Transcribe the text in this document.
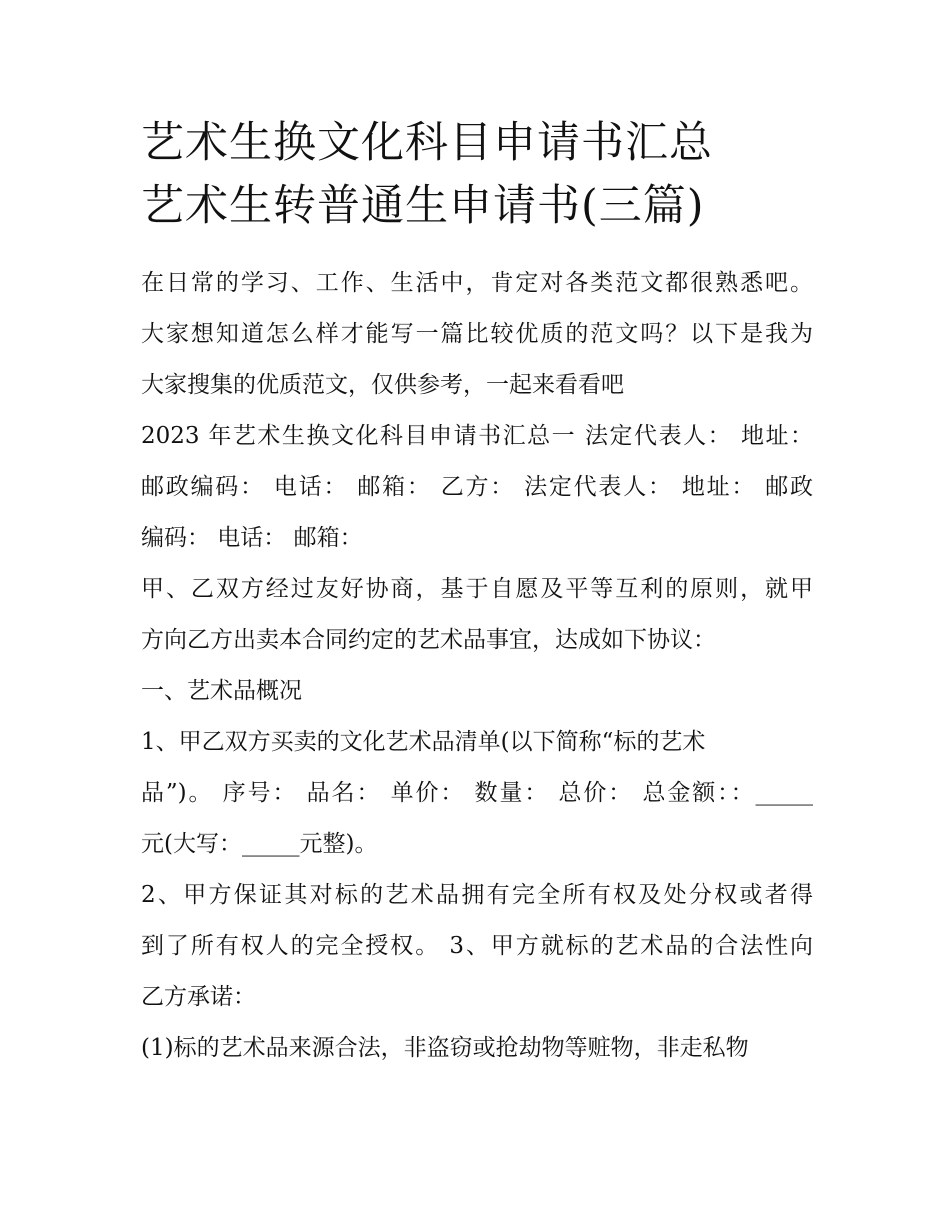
艺术生换文化科目申请书汇总
艺术生转普通生申请书(三篇)

在日常的学习、工作、生活中，肯定对各类范文都很熟悉吧。
大家想知道怎么样才能写一篇比较优质的范文吗？以下是我为
大家搜集的优质范文，仅供参考，一起来看看吧

2023 年艺术生换文化科目申请书汇总一 法定代表人： 地址：
邮政编码： 电话： 邮箱： 乙方： 法定代表人： 地址： 邮政
编码： 电话： 邮箱：

甲、乙双方经过友好协商，基于自愿及平等互利的原则，就甲
方向乙方出卖本合同约定的艺术品事宜，达成如下协议：

一、艺术品概况

1、甲乙双方买卖的文化艺术品清单(以下简称“标的艺术
品”)。 序号： 品名： 单价： 数量： 总价： 总金额：：_____
元(大写：_____元整)。

2、甲方保证其对标的艺术品拥有完全所有权及处分权或者得
到了所有权人的完全授权。 3、甲方就标的艺术品的合法性向
乙方承诺：

(1)标的艺术品来源合法，非盗窃或抢劫物等赃物，非走私物
